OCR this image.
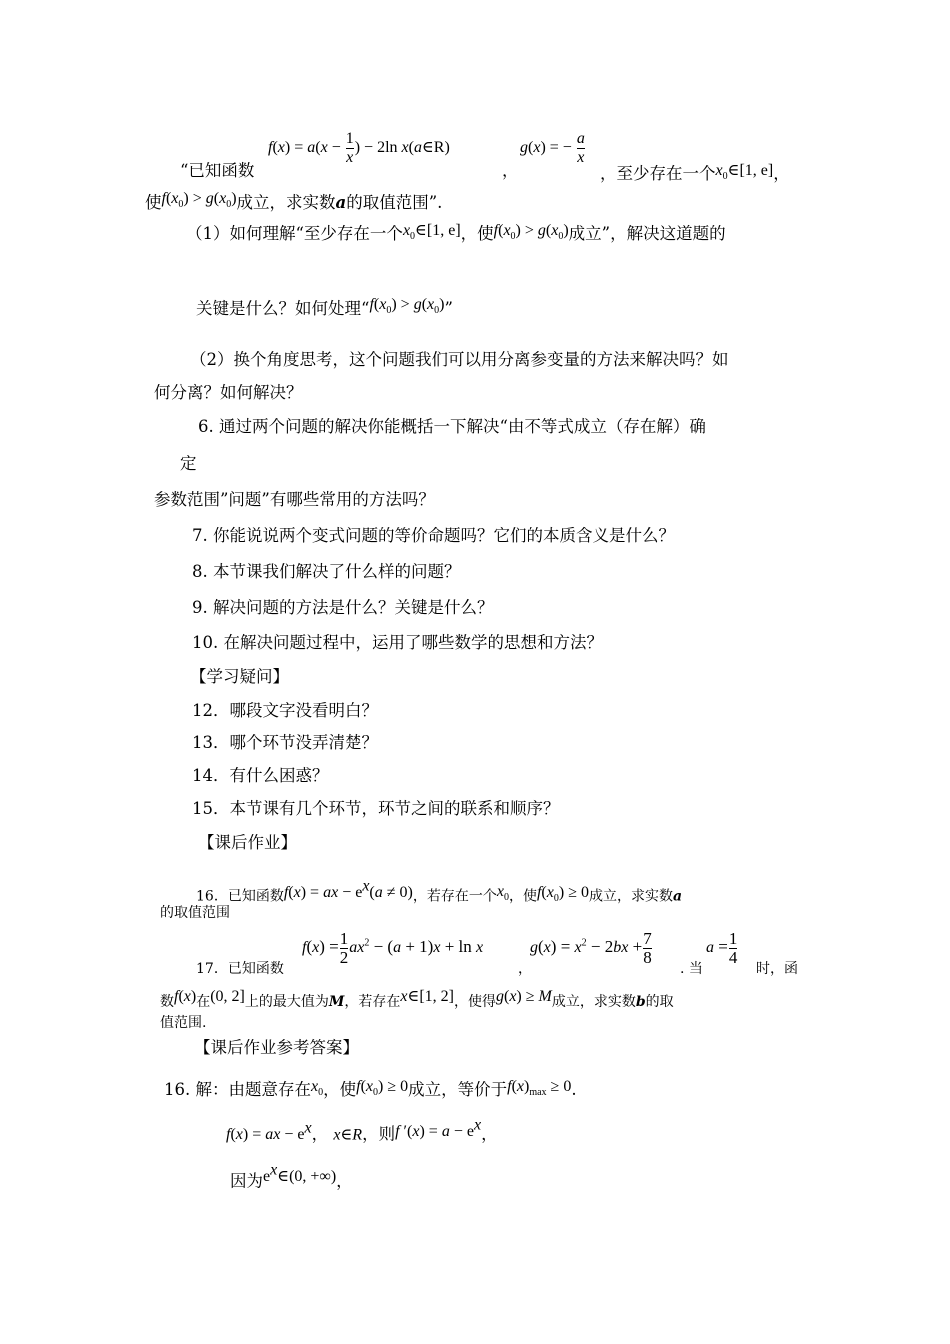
$f(x) = a(x - \frac{1}{x}$ ) − 2ln x(a∈R)	g(x) = − $\frac{a}{x}$
“已知函数	，	，至少存在一个$x_0\in[1$, e]，
使$f(x_0) > g(x_0)$成立，求实数a的取值范围”.
（1）如何理解“至少存在一个$x_0\in[1$, e]，使$f(x_0) > g(x_0)$成立”，解决这道题的
关键是什么？如何处理“$f(x_0) > g(x_0)$”
（2）换个角度思考，这个问题我们可以用分离参变量的方法来解决吗？如
何分离？如何解决？
6. 通过两个问题的解决你能概括一下解决“由不等式成立（存在解）确
定
参数范围”问题”有哪些常用的方法吗？
7. 你能说说两个变式问题的等价命题吗？它们的本质含义是什么？
8. 本节课我们解决了什么样的问题？
9. 解决问题的方法是什么？关键是什么？
10. 在解决问题过程中，运用了哪些数学的思想和方法？
【学习疑问】
12．哪段文字没看明白？
13．哪个环节没弄清楚？
14．有什么困惑？
15．本节课有几个环节，环节之间的联系和顺序？
【课后作业】
16．已知函数f(x) = ax − $e^x(a \ne 0)$，若存在一个$x_0$，使$f(x_0) \ge 0$成立，求实数a
的取值范围
$f(x) = \frac{1}{2} ax^2 - (a + 1)x + \ln x$	$g(x) = x^2 - 2bx + \frac{7}{8}$	$a = \frac{1}{4}$
17．已知函数	，	. 当	时，函
数f(x)在(0, 2]上的最大值为M，若存在x∈[1, 2]，使得g(x) ≥ M成立，求实数b的取
值范围.
【课后作业参考答案】
16. 解：由题意存在$x_0$，使$f(x_0) \ge 0$成立，等价于$f(x)_{max} \ge 0$.
f(x) = ax − $e^x$， x∈R，则f $'(x) = a - e^x$，
因为$e^x\in(0$, +∞)，
